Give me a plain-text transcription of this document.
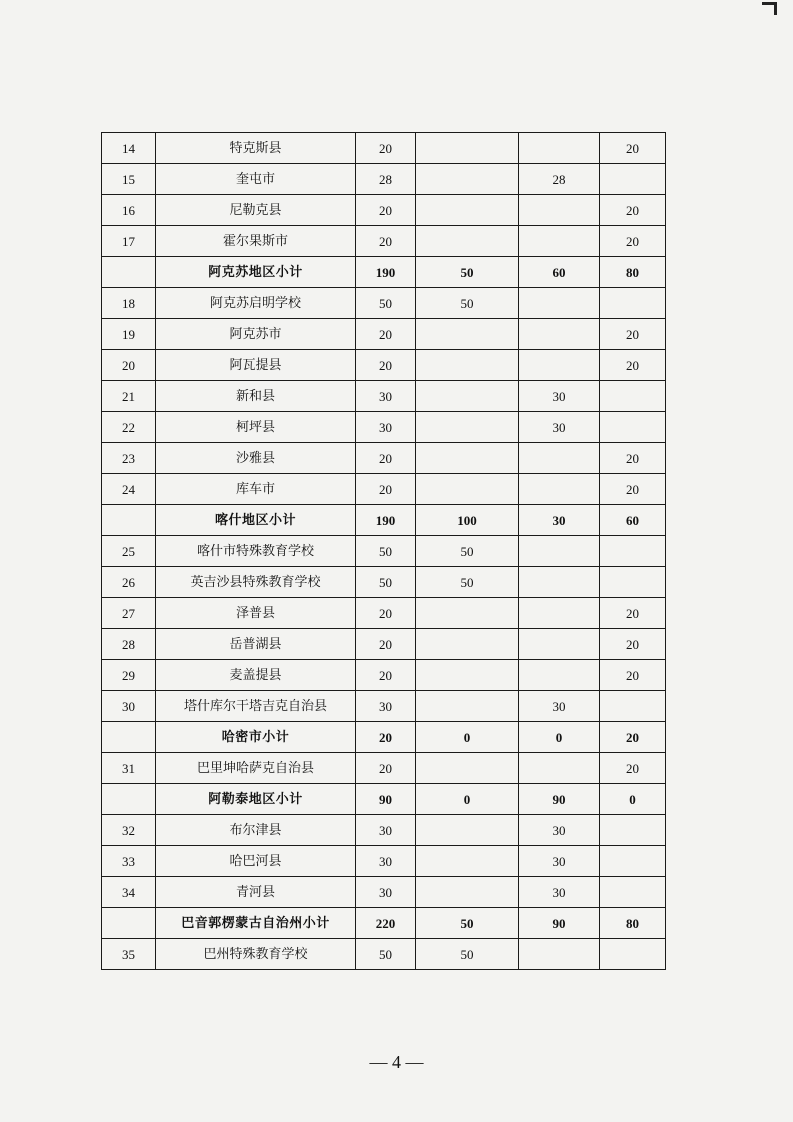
14	特克斯县	20			20
15	奎屯市	28		28	
16	尼勒克县	20			20
17	霍尔果斯市	20			20
	阿克苏地区小计	190	50	60	80
18	阿克苏启明学校	50	50		
19	阿克苏市	20			20
20	阿瓦提县	20			20
21	新和县	30		30	
22	柯坪县	30		30	
23	沙雅县	20			20
24	库车市	20			20
	喀什地区小计	190	100	30	60
25	喀什市特殊教育学校	50	50		
26	英吉沙县特殊教育学校	50	50		
27	泽普县	20			20
28	岳普湖县	20			20
29	麦盖提县	20			20
30	塔什库尔干塔吉克自治县	30		30	
	哈密市小计	20	0	0	20
31	巴里坤哈萨克自治县	20			20
	阿勒泰地区小计	90	0	90	0
32	布尔津县	30		30	
33	哈巴河县	30		30	
34	青河县	30		30	
	巴音郭楞蒙古自治州小计	220	50	90	80
35	巴州特殊教育学校	50	50		
— 4 —
